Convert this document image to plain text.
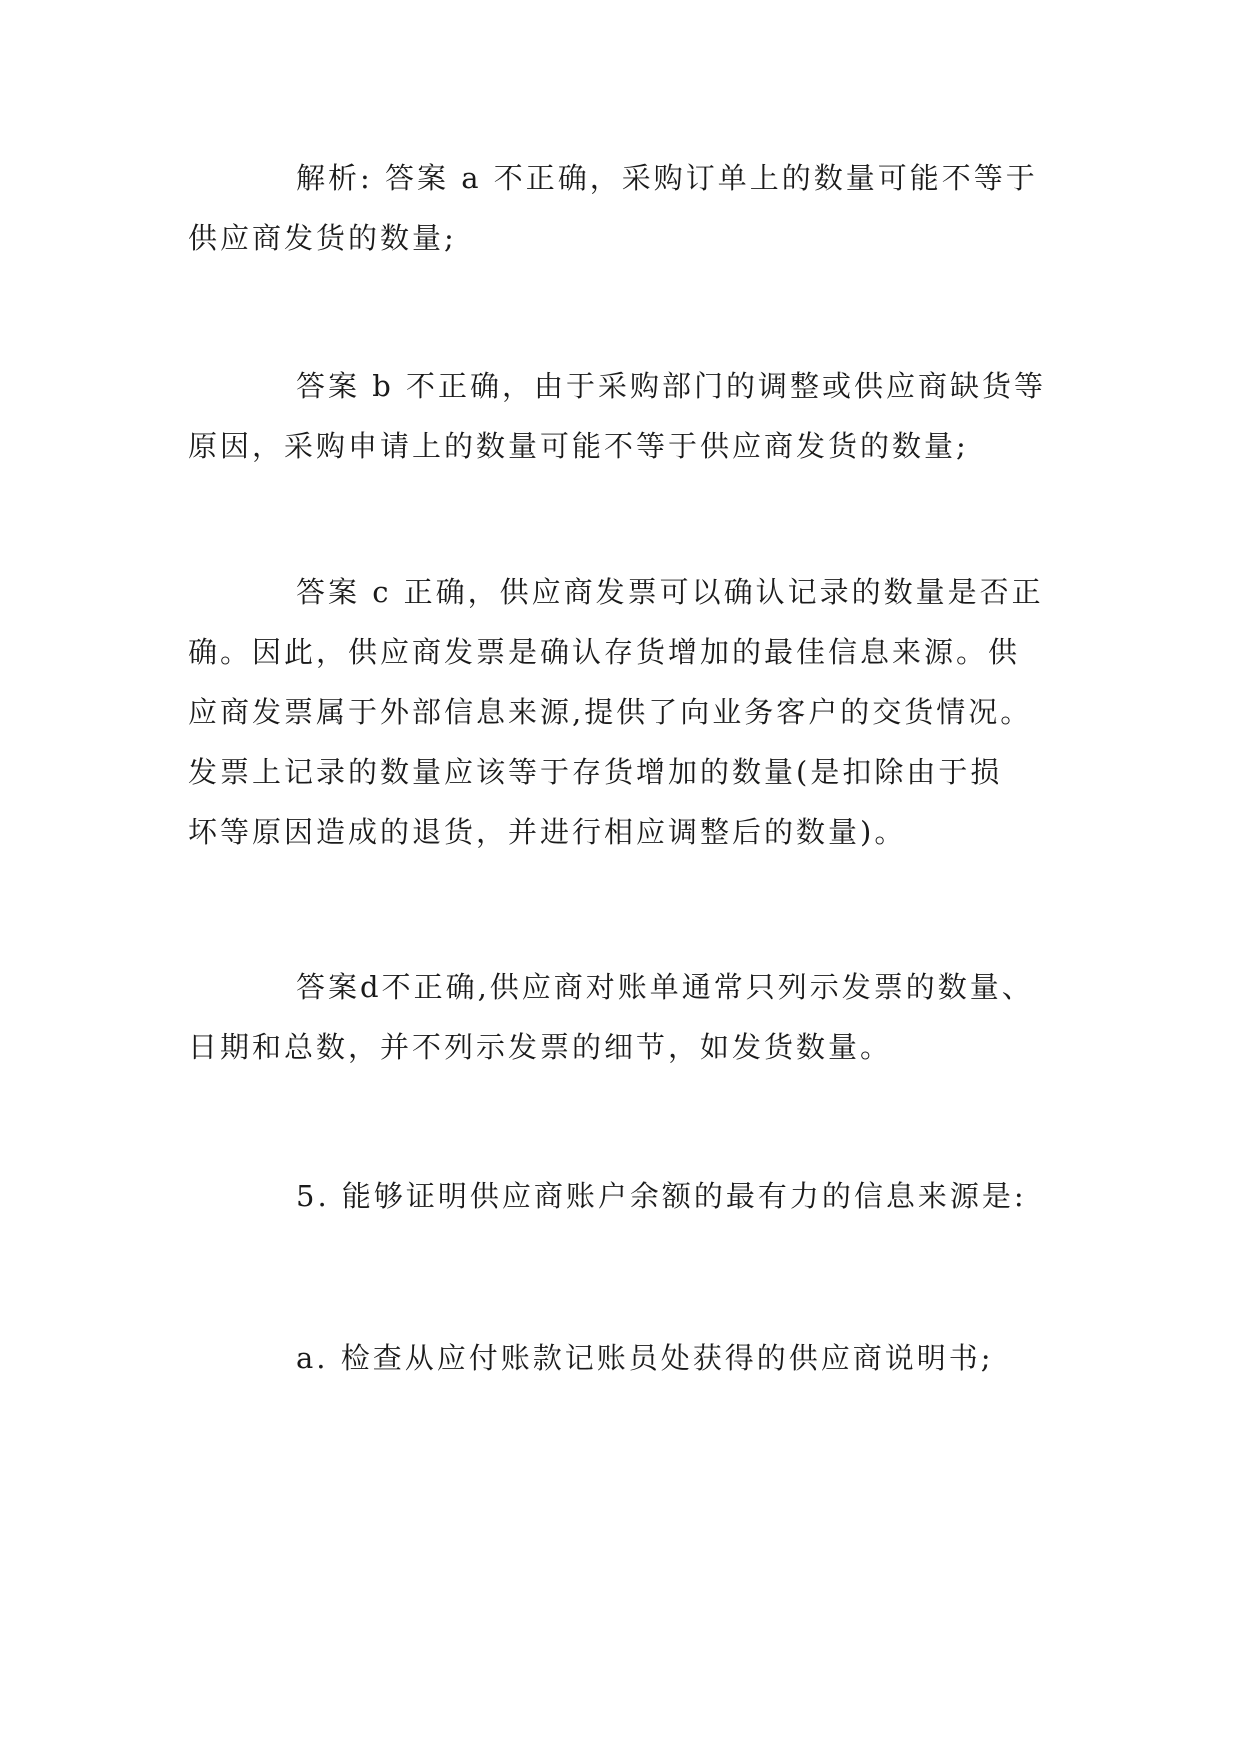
解析: 答案 a 不正确，采购订单上的数量可能不等于
供应商发货的数量;

答案 b 不正确，由于采购部门的调整或供应商缺货等
原因，采购申请上的数量可能不等于供应商发货的数量;

答案 c 正确，供应商发票可以确认记录的数量是否正
确。因此，供应商发票是确认存货增加的最佳信息来源。供
应商发票属于外部信息来源,提供了向业务客户的交货情况。
发票上记录的数量应该等于存货增加的数量(是扣除由于损
坏等原因造成的退货，并进行相应调整后的数量)。

答案d不正确,供应商对账单通常只列示发票的数量、
日期和总数，并不列示发票的细节，如发货数量。

5. 能够证明供应商账户余额的最有力的信息来源是:

a. 检查从应付账款记账员处获得的供应商说明书;
